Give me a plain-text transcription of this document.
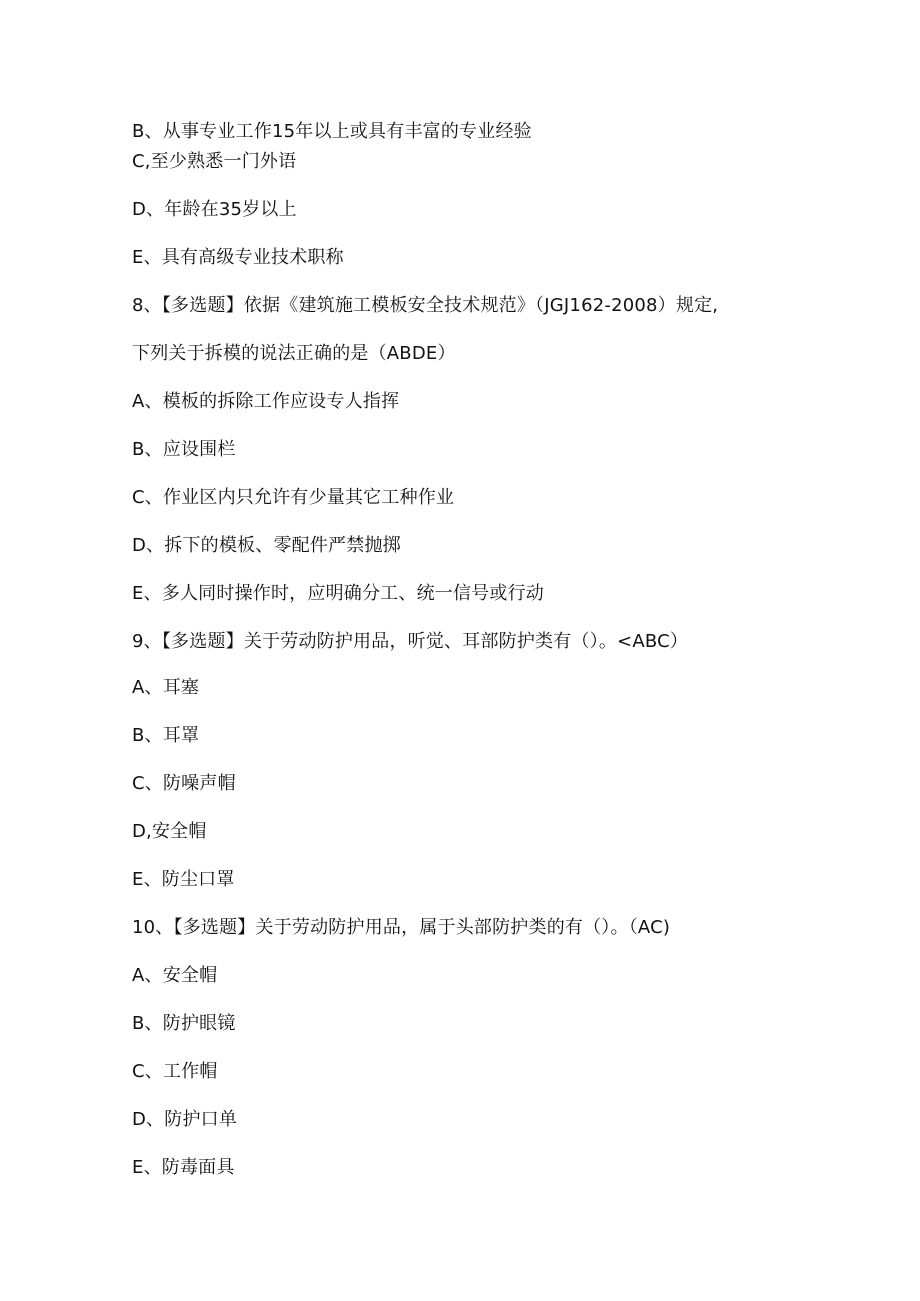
B、从事专业工作15年以上或具有丰富的专业经验
C,至少熟悉一门外语
D、年龄在35岁以上
E、具有高级专业技术职称
8、【多选题】依据《建筑施工模板安全技术规范》（JGJ162-2008）规定,
下列关于拆模的说法正确的是（ABDE）
A、模板的拆除工作应设专人指挥
B、应设围栏
C、作业区内只允许有少量其它工种作业
D、拆下的模板、零配件严禁抛掷
E、多人同时操作时，应明确分工、统一信号或行动
9、【多选题】关于劳动防护用品，听觉、耳部防护类有（）。<ABC）
A、耳塞
B、耳罩
C、防噪声帽
D,安全帽
E、防尘口罩
10、【多选题】关于劳动防护用品，属于头部防护类的有（）。（AC)
A、安全帽
B、防护眼镜
C、工作帽
D、防护口单
E、防毒面具
